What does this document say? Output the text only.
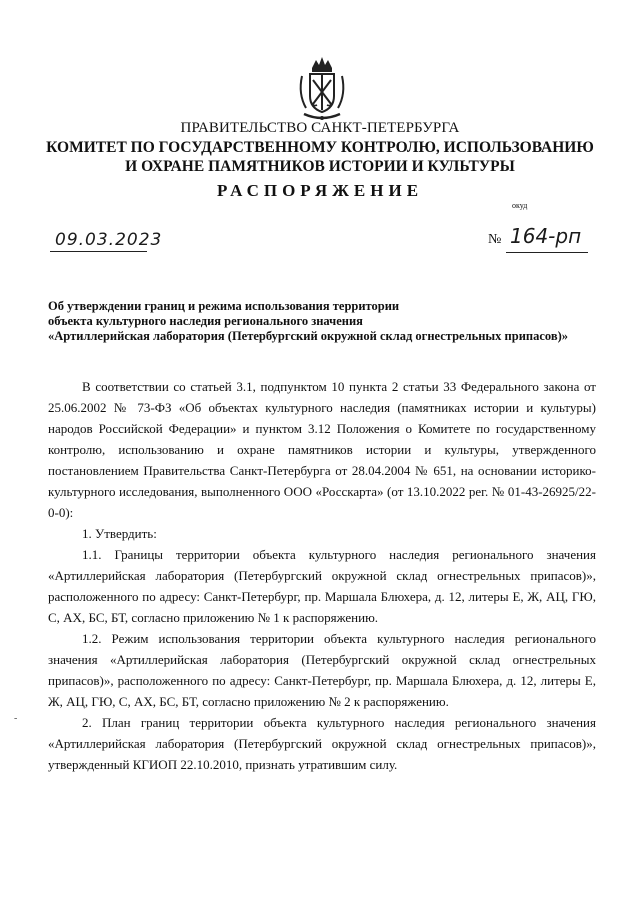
ПРАВИТЕЛЬСТВО САНКТ-ПЕТЕРБУРГА
КОМИТЕТ ПО ГОСУДАРСТВЕННОМУ КОНТРОЛЮ, ИСПОЛЬЗОВАНИЮ
И ОХРАНЕ ПАМЯТНИКОВ ИСТОРИИ И КУЛЬТУРЫ
РАСПОРЯЖЕНИЕ
окуд
09.03.2023	№ 164-рп
Об утверждении границ и режима использования территории
объекта культурного наследия регионального значения
«Артиллерийская лаборатория (Петербургский окружной склад огнестрельных припасов)»

В соответствии со статьей 3.1, подпунктом 10 пункта 2 статьи 33 Федерального закона от 25.06.2002 № 73-ФЗ «Об объектах культурного наследия (памятниках истории и культуры) народов Российской Федерации» и пунктом 3.12 Положения о Комитете по государственному контролю, использованию и охране памятников истории и культуры, утвержденного постановлением Правительства Санкт-Петербурга от 28.04.2004 № 651, на основании историко-культурного исследования, выполненного ООО «Росскарта» (от 13.10.2022 рег. № 01-43-26925/22-0-0):

1. Утвердить:

1.1. Границы территории объекта культурного наследия регионального значения «Артиллерийская лаборатория (Петербургский окружной склад огнестрельных припасов)», расположенного по адресу: Санкт-Петербург, пр. Маршала Блюхера, д. 12, литеры Е, Ж, АЦ, ГЮ, С, АХ, БС, БТ, согласно приложению № 1 к распоряжению.

1.2. Режим использования территории объекта культурного наследия регионального значения «Артиллерийская лаборатория (Петербургский окружной склад огнестрельных припасов)», расположенного по адресу: Санкт-Петербург, пр. Маршала Блюхера, д. 12, литеры Е, Ж, АЦ, ГЮ, С, АХ, БС, БТ, согласно приложению № 2 к распоряжению.

2. План границ территории объекта культурного наследия регионального значения «Артиллерийская лаборатория (Петербургский окружной склад огнестрельных припасов)», утвержденный КГИОП 22.10.2010, признать утратившим силу.

-
